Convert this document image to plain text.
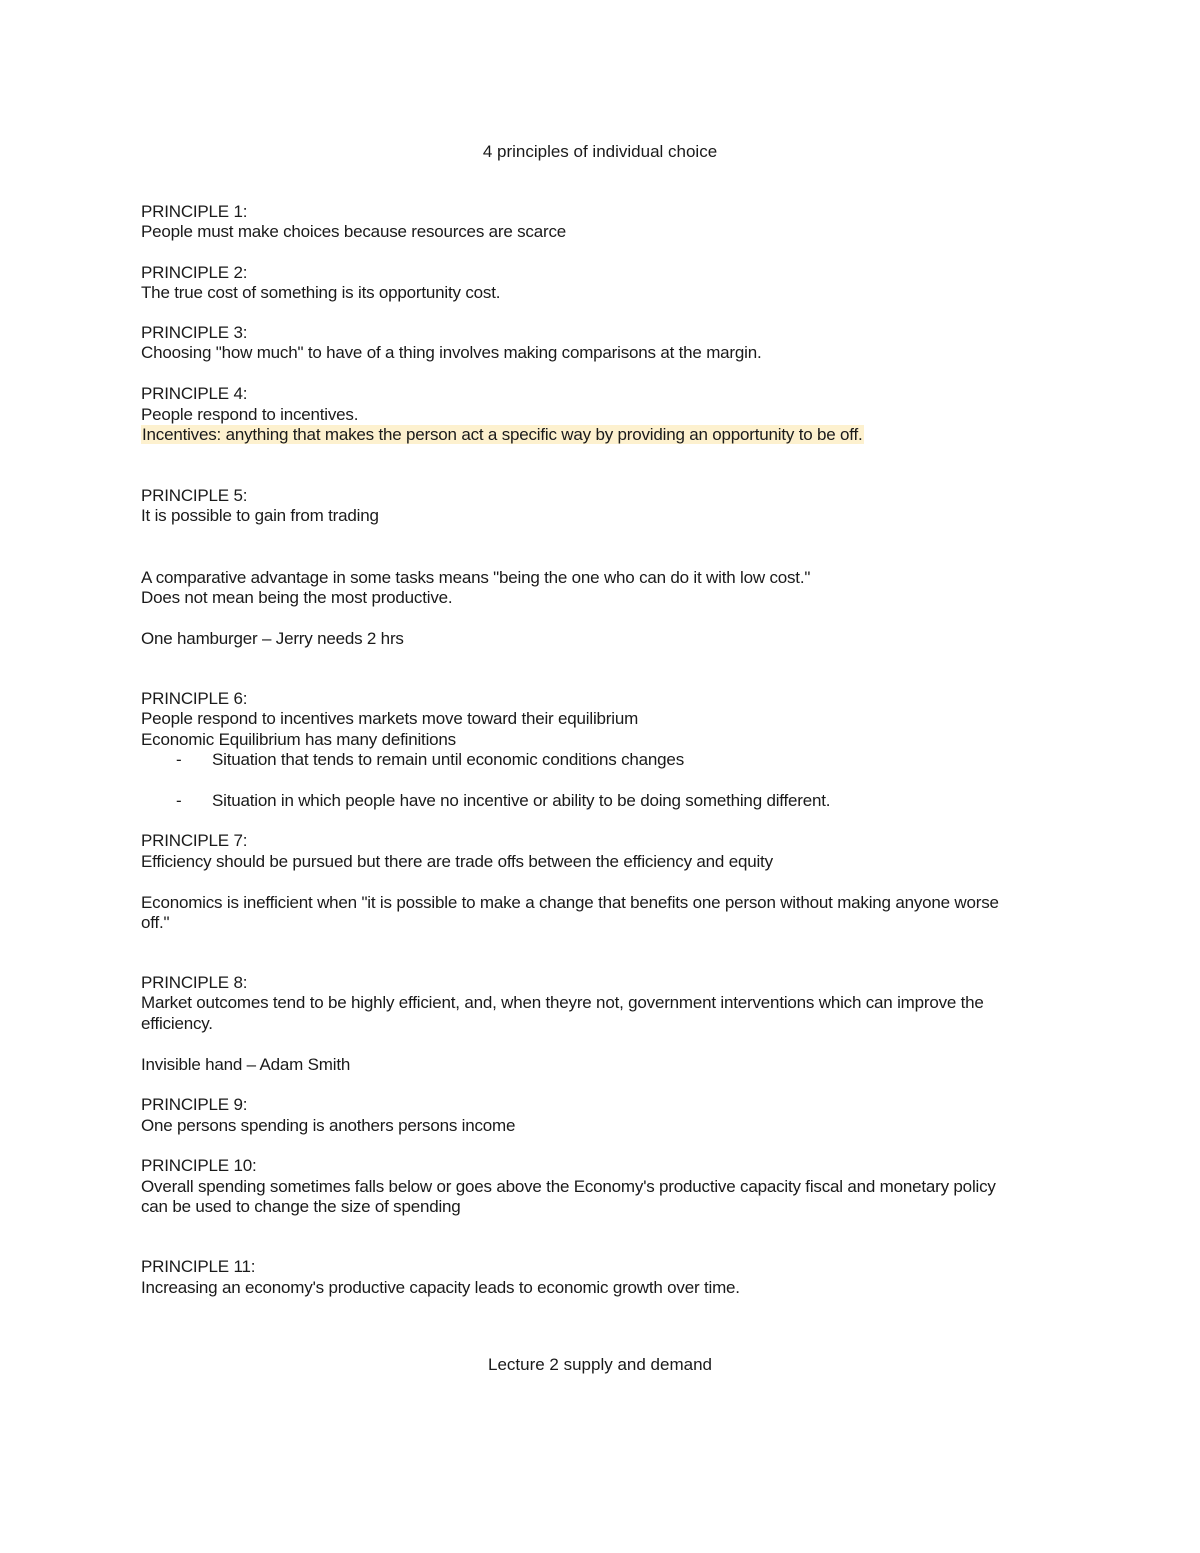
4 principles of individual choice
PRINCIPLE 1:
People must make choices because resources are scarce
PRINCIPLE 2:
The true cost of something is its opportunity cost.
PRINCIPLE 3:
Choosing "how much" to have of a thing involves making comparisons at the margin.
PRINCIPLE 4:
People respond to incentives.
Incentives: anything that makes the person act a specific way by providing an opportunity to be off.
PRINCIPLE 5:
It is possible to gain from trading
A comparative advantage in some tasks means "being the one who can do it with low cost."
Does not mean being the most productive.
One hamburger – Jerry needs 2 hrs
PRINCIPLE 6:
People respond to incentives markets move toward their equilibrium
Economic Equilibrium has many definitions
- Situation that tends to remain until economic conditions changes
- Situation in which people have no incentive or ability to be doing something different.
PRINCIPLE 7:
Efficiency should be pursued but there are trade offs between the efficiency and equity
Economics is inefficient when "it is possible to make a change that benefits one person without making anyone worse
off."
PRINCIPLE 8:
Market outcomes tend to be highly efficient, and, when theyre not, government interventions which can improve the
efficiency.
Invisible hand – Adam Smith
PRINCIPLE 9:
One persons spending is anothers persons income
PRINCIPLE 10:
Overall spending sometimes falls below or goes above the Economy's productive capacity fiscal and monetary policy
can be used to change the size of spending
PRINCIPLE 11:
Increasing an economy's productive capacity leads to economic growth over time.
Lecture 2 supply and demand
